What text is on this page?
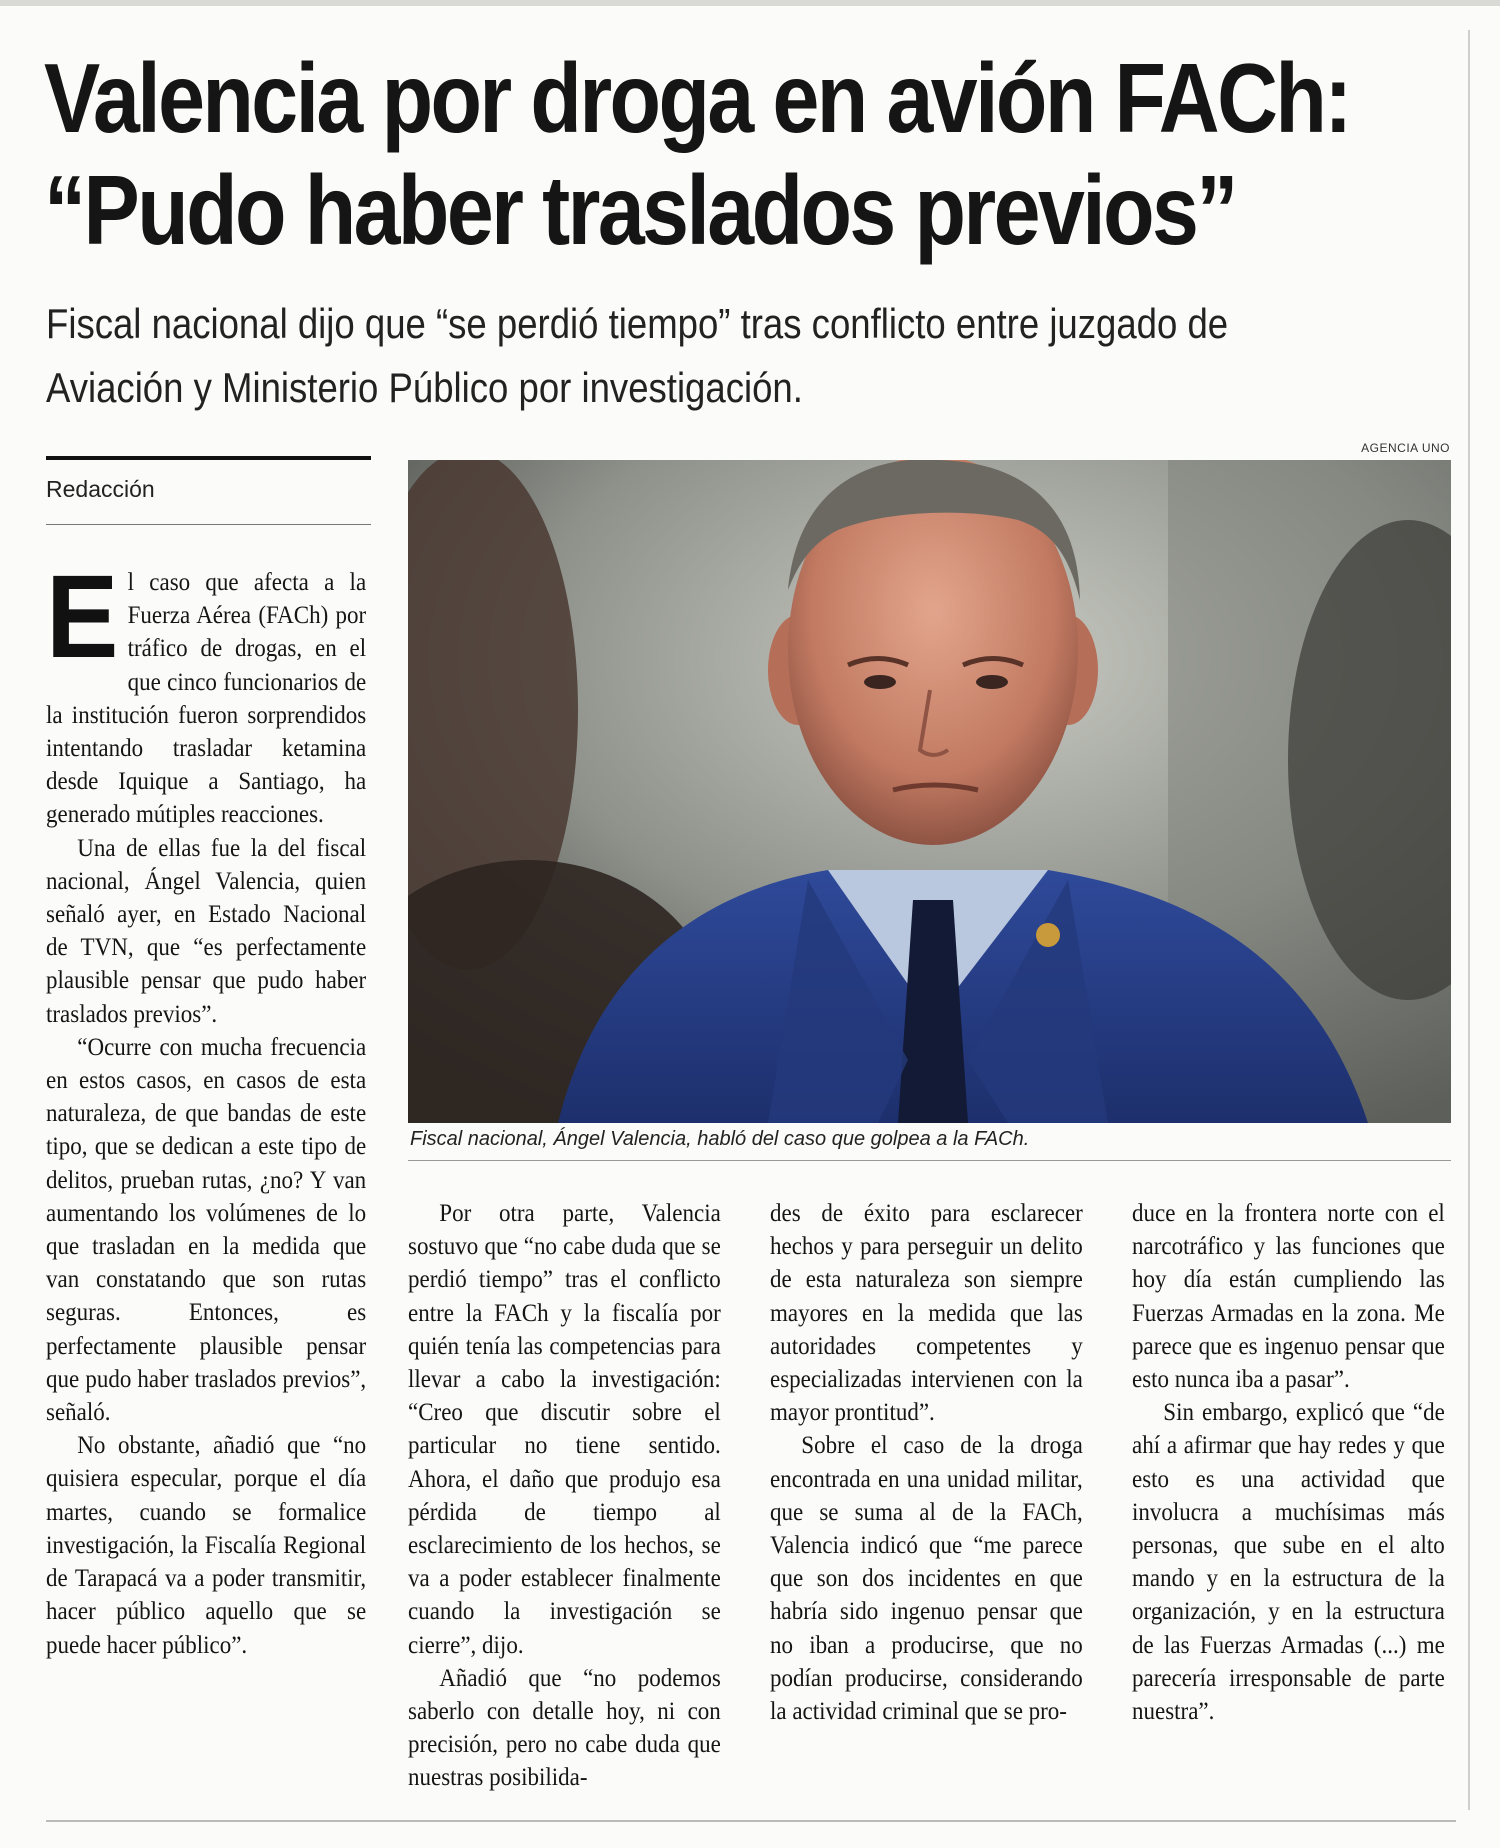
Valencia por droga en avión FACh:
“Pudo haber traslados previos”

Fiscal nacional dijo que “se perdió tiempo” tras conflicto entre juzgado de Aviación y Ministerio Público por investigación.

Redacción
AGENCIA UNO
Fiscal nacional, Ángel Valencia, habló del caso que golpea a la FACh.

El caso que afecta a la Fuerza Aérea (FACh) por tráfico de drogas, en el que cinco funcionarios de la institución fueron sorprendidos intentando trasladar ketamina desde Iquique a Santiago, ha generado mútiples reacciones.

Una de ellas fue la del fiscal nacional, Ángel Valencia, quien señaló ayer, en Estado Nacional de TVN, que “es perfectamente plausible pensar que pudo haber traslados previos”.

“Ocurre con mucha frecuencia en estos casos, en casos de esta naturaleza, de que bandas de este tipo, que se dedican a este tipo de delitos, prueban rutas, ¿no? Y van aumentando los volúmenes de lo que trasladan en la medida que van constatando que son rutas seguras. Entonces, es perfectamente plausible pensar que pudo haber traslados previos”, señaló.

No obstante, añadió que “no quisiera especular, porque el día martes, cuando se formalice investigación, la Fiscalía Regional de Tarapacá va a poder transmitir, hacer público aquello que se puede hacer público”.

Por otra parte, Valencia sostuvo que “no cabe duda que se perdió tiempo” tras el conflicto entre la FACh y la fiscalía por quién tenía las competencias para llevar a cabo la investigación: “Creo que discutir sobre el particular no tiene sentido. Ahora, el daño que produjo esa pérdida de tiempo al esclarecimiento de los hechos, se va a poder establecer finalmente cuando la investigación se cierre”, dijo.

Añadió que “no podemos saberlo con detalle hoy, ni con precisión, pero no cabe duda que nuestras posibilida-

des de éxito para esclarecer hechos y para perseguir un delito de esta naturaleza son siempre mayores en la medida que las autoridades competentes y especializadas intervienen con la mayor prontitud”.

Sobre el caso de la droga encontrada en una unidad militar, que se suma al de la FACh, Valencia indicó que “me parece que son dos incidentes en que habría sido ingenuo pensar que no iban a producirse, que no podían producirse, considerando la actividad criminal que se pro-

duce en la frontera norte con el narcotráfico y las funciones que hoy día están cumpliendo las Fuerzas Armadas en la zona. Me parece que es ingenuo pensar que esto nunca iba a pasar”.

Sin embargo, explicó que “de ahí a afirmar que hay redes y que esto es una actividad que involucra a muchísimas más personas, que sube en el alto mando y en la estructura de la organización, y en la estructura de las Fuerzas Armadas (...) me parecería irresponsable de parte nuestra”.
